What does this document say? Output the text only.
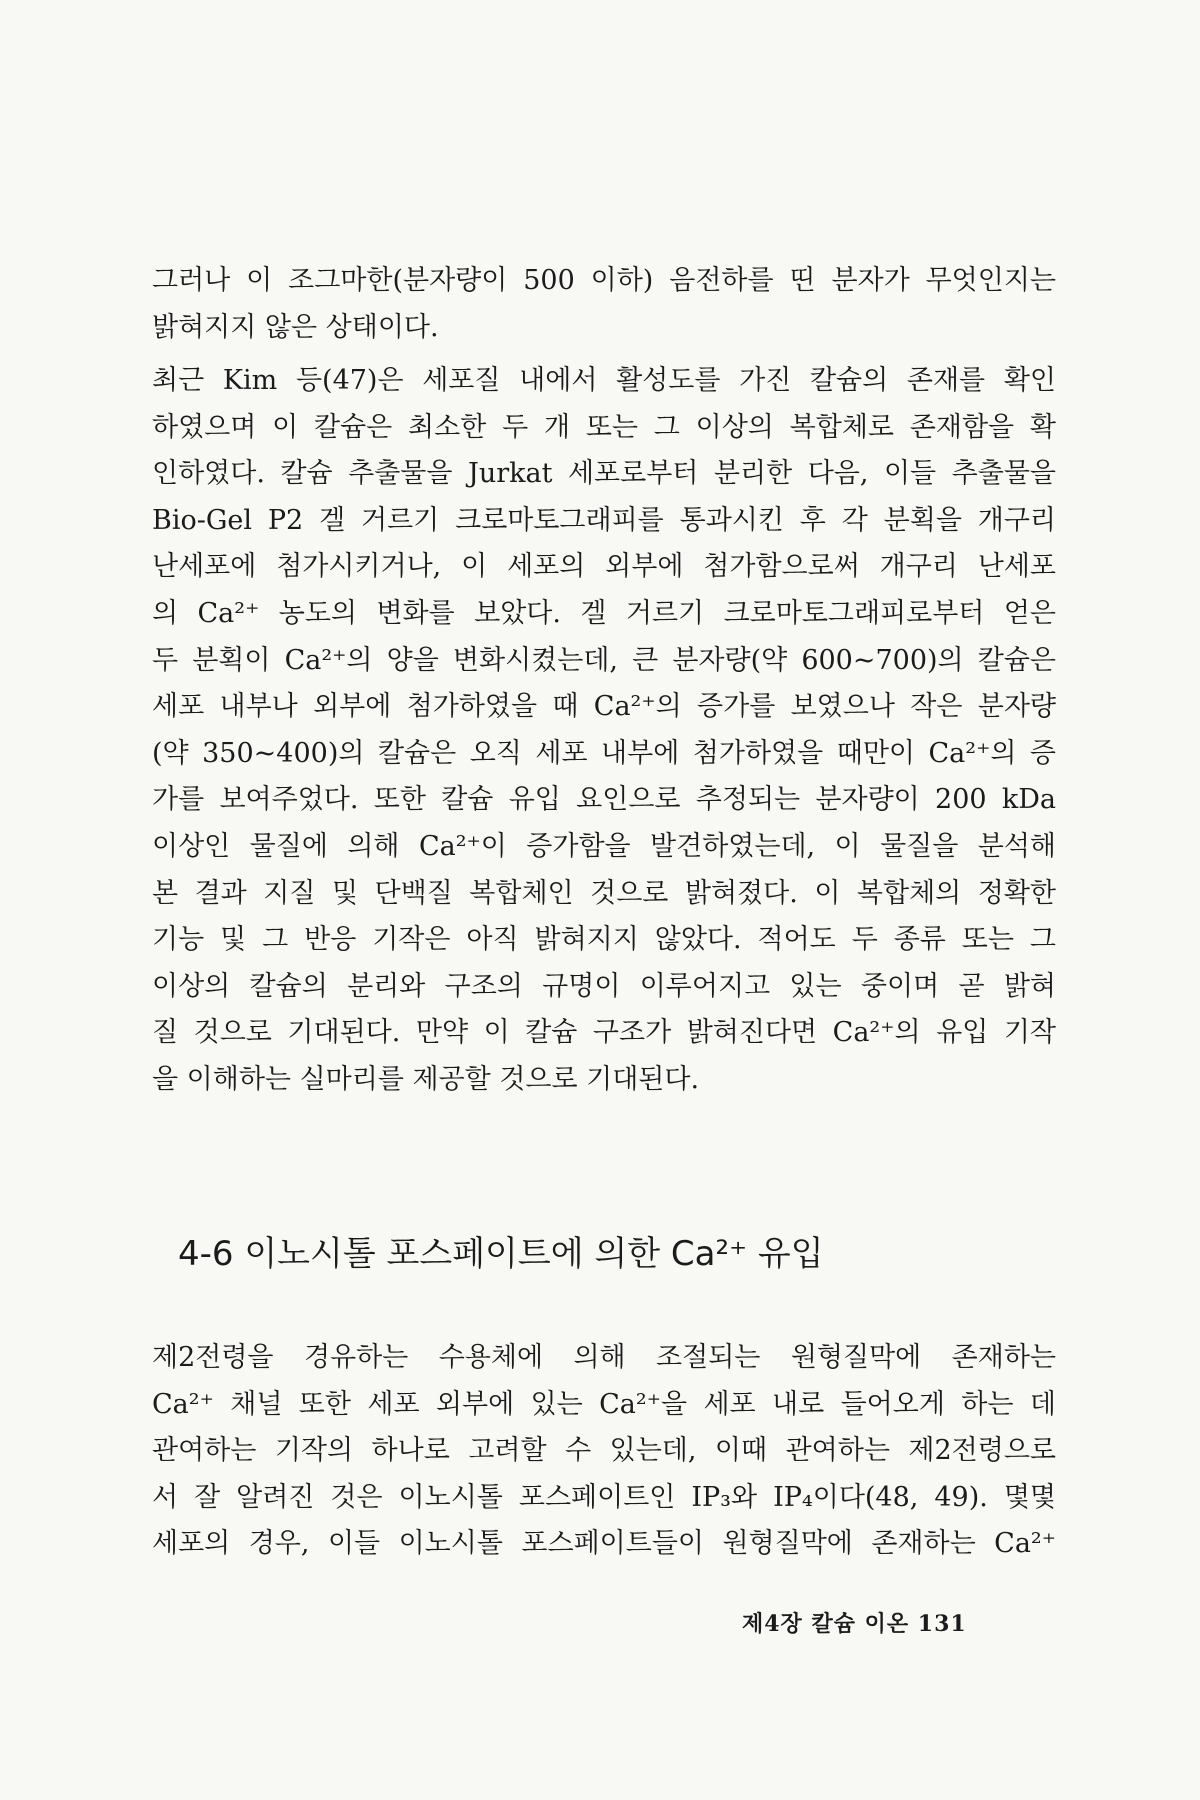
그러나 이 조그마한(분자량이 500 이하) 음전하를 띤 분자가 무엇인지는
밝혀지지 않은 상태이다.
최근 Kim 등(47)은 세포질 내에서 활성도를 가진 칼슘의 존재를 확인
하였으며 이 칼슘은 최소한 두 개 또는 그 이상의 복합체로 존재함을 확
인하였다. 칼슘 추출물을 Jurkat 세포로부터 분리한 다음, 이들 추출물을
Bio-Gel P2 겔 거르기 크로마토그래피를 통과시킨 후 각 분획을 개구리
난세포에 첨가시키거나, 이 세포의 외부에 첨가함으로써 개구리 난세포
의 Ca²⁺ 농도의 변화를 보았다. 겔 거르기 크로마토그래피로부터 얻은
두 분획이 Ca²⁺의 양을 변화시켰는데, 큰 분자량(약 600~700)의 칼슘은
세포 내부나 외부에 첨가하였을 때 Ca²⁺의 증가를 보였으나 작은 분자량
(약 350~400)의 칼슘은 오직 세포 내부에 첨가하였을 때만이 Ca²⁺의 증
가를 보여주었다. 또한 칼슘 유입 요인으로 추정되는 분자량이 200 kDa
이상인 물질에 의해 Ca²⁺이 증가함을 발견하였는데, 이 물질을 분석해
본 결과 지질 및 단백질 복합체인 것으로 밝혀졌다. 이 복합체의 정확한
기능 및 그 반응 기작은 아직 밝혀지지 않았다. 적어도 두 종류 또는 그
이상의 칼슘의 분리와 구조의 규명이 이루어지고 있는 중이며 곧 밝혀
질 것으로 기대된다. 만약 이 칼슘 구조가 밝혀진다면 Ca²⁺의 유입 기작
을 이해하는 실마리를 제공할 것으로 기대된다.
4-6 이노시톨 포스페이트에 의한 Ca²⁺ 유입
제2전령을 경유하는 수용체에 의해 조절되는 원형질막에 존재하는
Ca²⁺ 채널 또한 세포 외부에 있는 Ca²⁺을 세포 내로 들어오게 하는 데
관여하는 기작의 하나로 고려할 수 있는데, 이때 관여하는 제2전령으로
서 잘 알려진 것은 이노시톨 포스페이트인 IP₃와 IP₄이다(48, 49). 몇몇
세포의 경우, 이들 이노시톨 포스페이트들이 원형질막에 존재하는 Ca²⁺
제4장 칼슘 이온 131
